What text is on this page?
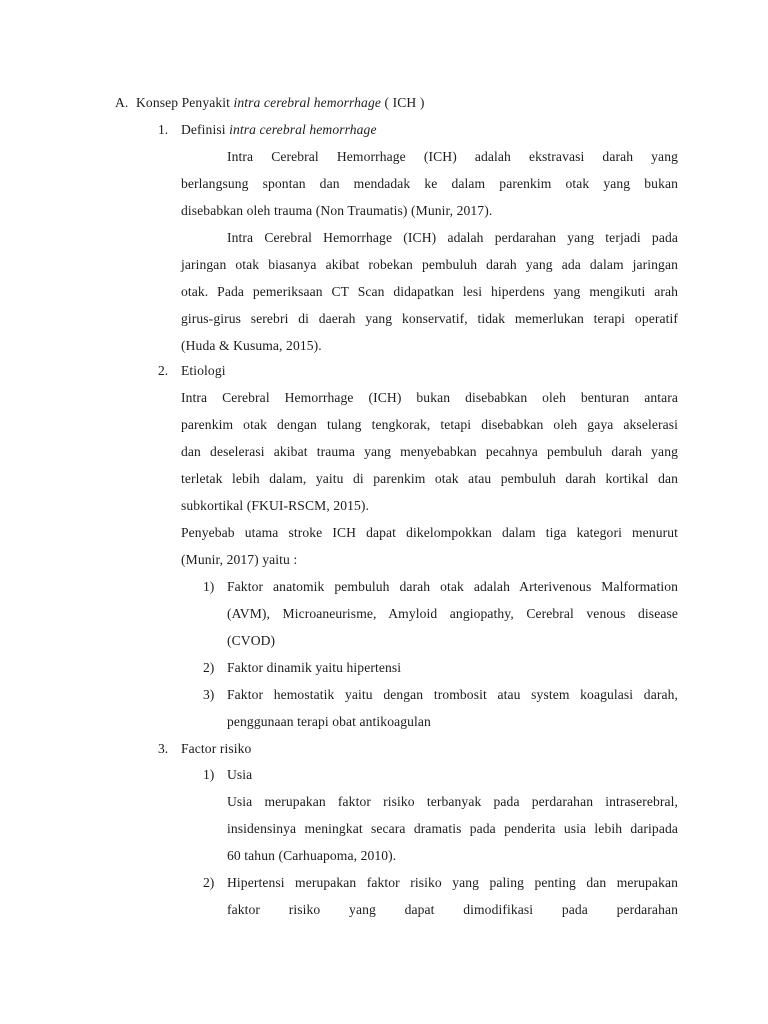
A. Konsep Penyakit intra cerebral hemorrhage ( ICH )

1. Definisi intra cerebral hemorrhage

Intra Cerebral Hemorrhage (ICH) adalah ekstravasi darah yang

berlangsung spontan dan mendadak ke dalam parenkim otak yang bukan

disebabkan oleh trauma (Non Traumatis) (Munir, 2017).

Intra Cerebral Hemorrhage (ICH) adalah perdarahan yang terjadi pada

jaringan otak biasanya akibat robekan pembuluh darah yang ada dalam jaringan

otak. Pada pemeriksaan CT Scan didapatkan lesi hiperdens yang mengikuti arah

girus-girus serebri di daerah yang konservatif, tidak memerlukan terapi operatif

(Huda & Kusuma, 2015).

2. Etiologi

Intra Cerebral Hemorrhage (ICH) bukan disebabkan oleh benturan antara

parenkim otak dengan tulang tengkorak, tetapi disebabkan oleh gaya akselerasi

dan deselerasi akibat trauma yang menyebabkan pecahnya pembuluh darah yang

terletak lebih dalam, yaitu di parenkim otak atau pembuluh darah kortikal dan

subkortikal (FKUI-RSCM, 2015).

Penyebab utama stroke ICH dapat dikelompokkan dalam tiga kategori menurut

(Munir, 2017) yaitu :

1) Faktor anatomik pembuluh darah otak adalah Arterivenous Malformation

(AVM), Microaneurisme, Amyloid angiopathy, Cerebral venous disease

(CVOD)

2) Faktor dinamik yaitu hipertensi

3) Faktor hemostatik yaitu dengan trombosit atau system koagulasi darah,

penggunaan terapi obat antikoagulan

3. Factor risiko

1) Usia

Usia merupakan faktor risiko terbanyak pada perdarahan intraserebral,

insidensinya meningkat secara dramatis pada penderita usia lebih daripada

60 tahun (Carhuapoma, 2010).

2) Hipertensi merupakan faktor risiko yang paling penting dan merupakan

faktor risiko yang dapat dimodifikasi pada perdarahan
